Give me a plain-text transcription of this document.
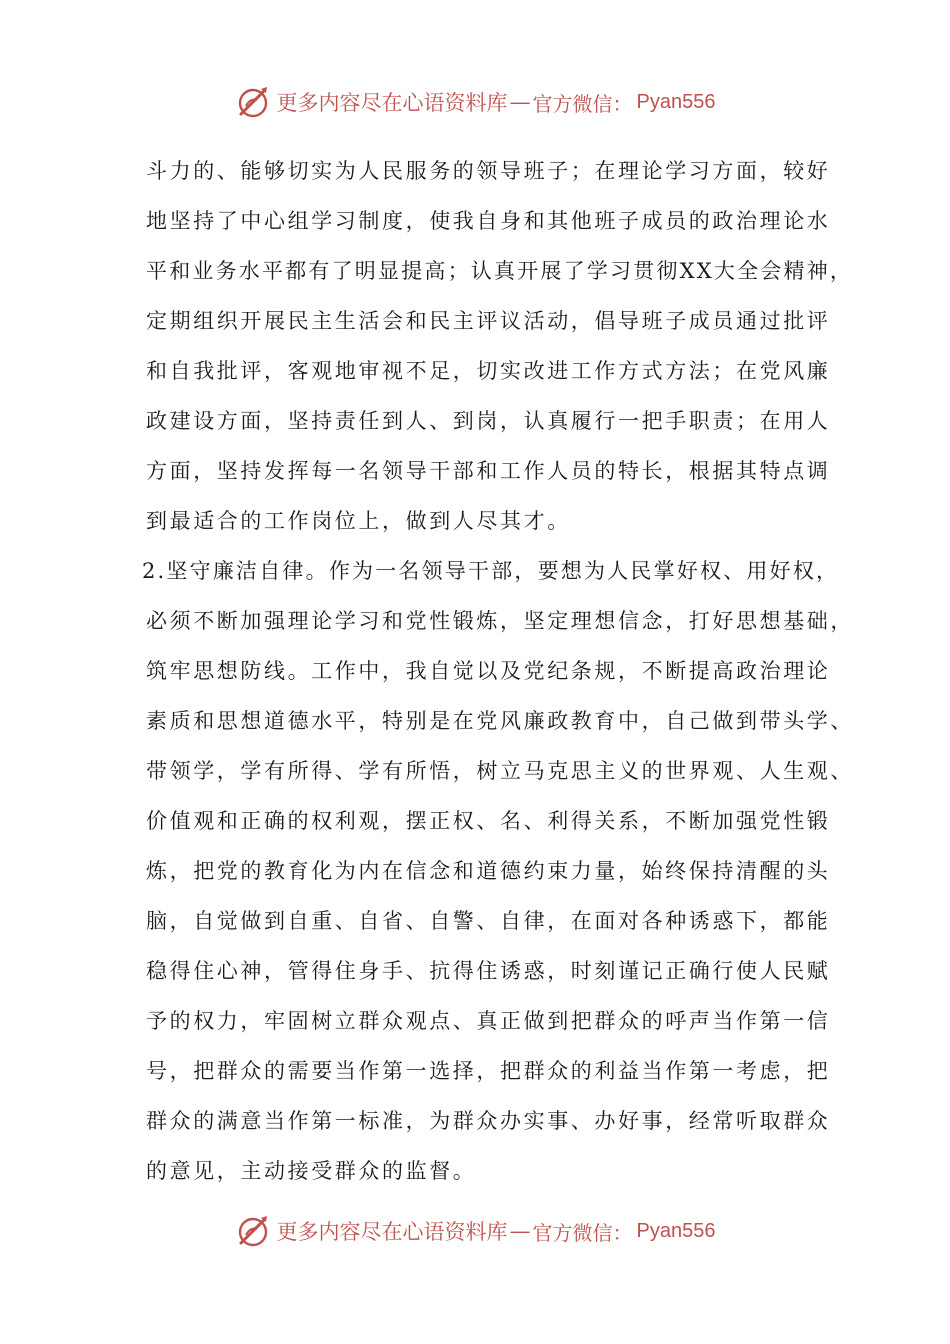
更多内容尽在心语资料库 — 官方微信： Pyan556
斗力的、能够切实为人民服务的领导班子；在理论学习方面，较好
地坚持了中心组学习制度，使我自身和其他班子成员的政治理论水
平和业务水平都有了明显提高；认真开展了学习贯彻XX大全会精神，
定期组织开展民主生活会和民主评议活动，倡导班子成员通过批评
和自我批评，客观地审视不足，切实改进工作方式方法；在党风廉
政建设方面，坚持责任到人、到岗，认真履行一把手职责；在用人
方面，坚持发挥每一名领导干部和工作人员的特长，根据其特点调
到最适合的工作岗位上，做到人尽其才。
2.坚守廉洁自律。作为一名领导干部，要想为人民掌好权、用好权，
必须不断加强理论学习和党性锻炼，坚定理想信念，打好思想基础，
筑牢思想防线。工作中，我自觉以及党纪条规，不断提高政治理论
素质和思想道德水平，特别是在党风廉政教育中，自己做到带头学、
带领学，学有所得、学有所悟，树立马克思主义的世界观、人生观、
价值观和正确的权利观，摆正权、名、利得关系，不断加强党性锻
炼，把党的教育化为内在信念和道德约束力量，始终保持清醒的头
脑，自觉做到自重、自省、自警、自律，在面对各种诱惑下，都能
稳得住心神，管得住身手、抗得住诱惑，时刻谨记正确行使人民赋
予的权力，牢固树立群众观点、真正做到把群众的呼声当作第一信
号，把群众的需要当作第一选择，把群众的利益当作第一考虑，把
群众的满意当作第一标准，为群众办实事、办好事，经常听取群众
的意见，主动接受群众的监督。
更多内容尽在心语资料库 — 官方微信： Pyan556
